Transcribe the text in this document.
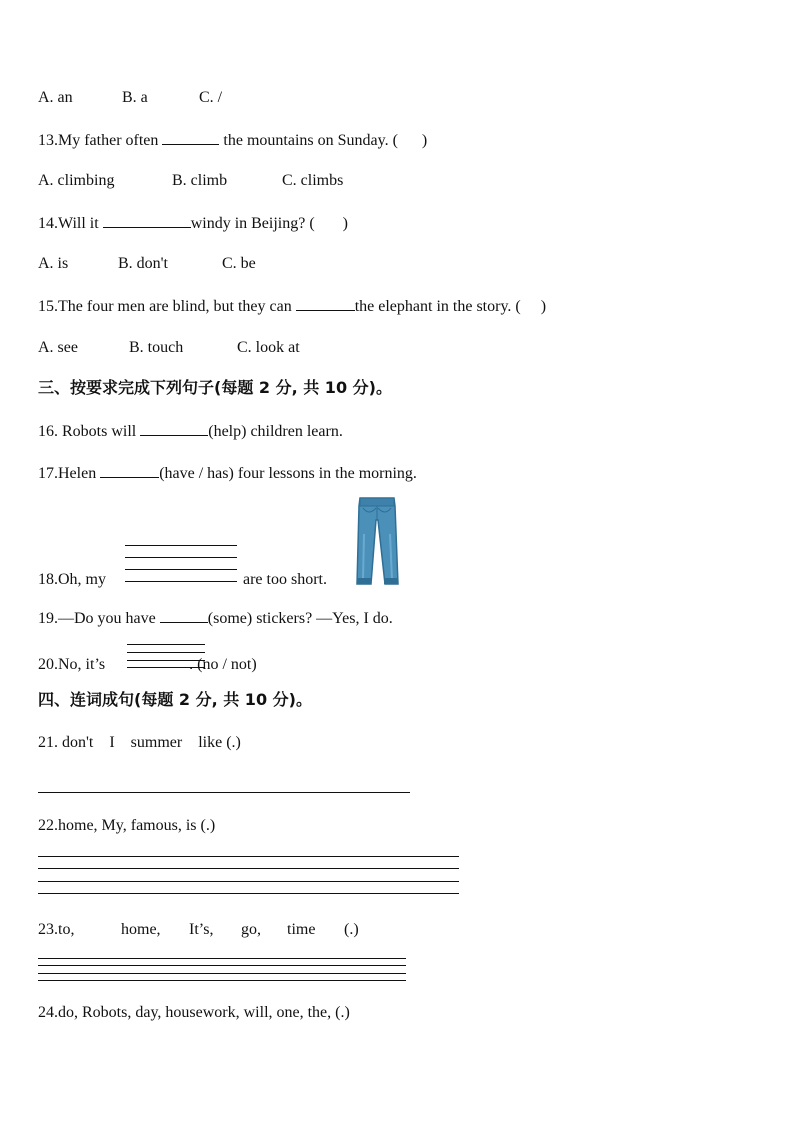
A. an	B. a	C. /
13.My father often	the mountains on Sunday. ( )
A. climbing	B. climb	C. climbs
14.Will it	windy in Beijing? ( )
A. is	B. don't	C. be
15.The four men are blind, but they can	the elephant in the story. ( )
A. see	B. touch	C. look at
三、按要求完成下列句子(每题 2 分, 共 10 分)。
16. Robots will	(help) children learn.
17.Helen	(have / has) four lessons in the morning.
18.Oh, my	are too short.
19.—Do you have	(some) stickers? —Yes, I do.
20.No, it’s	. (no / not)
四、连词成句(每题 2 分, 共 10 分)。
21. don't    I    summer    like (.)
22.home, My, famous, is (.)
23.to,	home, It’s, go, time (.)
24.do, Robots, day, housework, will, one, the, (.)
